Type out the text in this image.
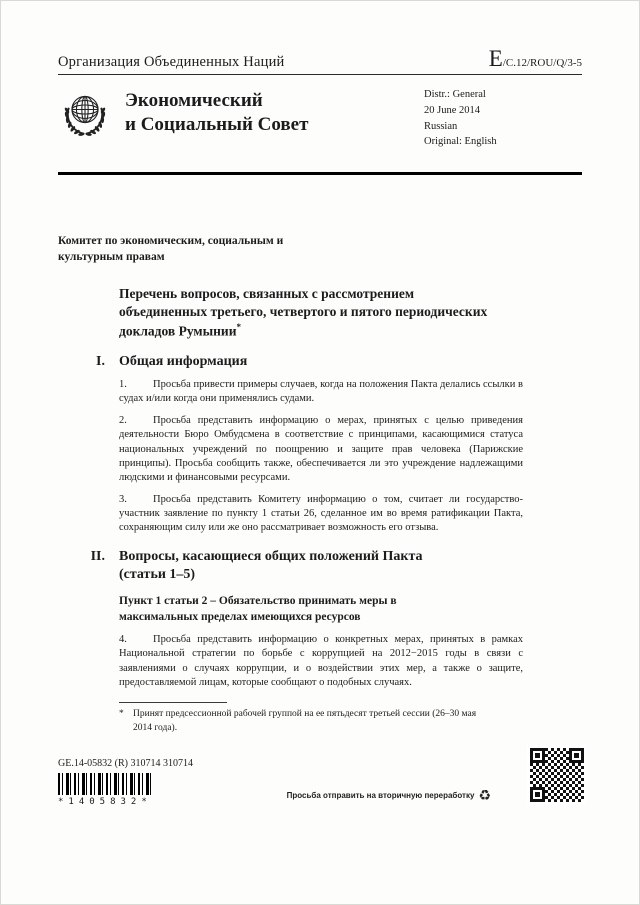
Организация Объединенных Наций	E/C.12/ROU/Q/3-5
Экономический
и Социальный Совет
Distr.: General
20 June 2014
Russian
Original: English
Комитет по экономическим, социальным и культурным правам
Перечень вопросов, связанных с рассмотрением объединенных третьего, четвертого и пятого периодических докладов Румынии*
I. Общая информация
1. Просьба привести примеры случаев, когда на положения Пакта делались ссылки в судах и/или когда они применялись судами.
2. Просьба представить информацию о мерах, принятых с целью приведения деятельности Бюро Омбудсмена в соответствие с принципами, касающимися статуса национальных учреждений по поощрению и защите прав человека (Парижские принципы). Просьба сообщить также, обеспечивается ли это учреждение надлежащими людскими и финансовыми ресурсами.
3. Просьба представить Комитету информацию о том, считает ли государство-участник заявление по пункту 1 статьи 26, сделанное им во время ратификации Пакта, сохраняющим силу или же оно рассматривает возможность его отзыва.
II. Вопросы, касающиеся общих положений Пакта (статьи 1–5)
Пункт 1 статьи 2 – Обязательство принимать меры в максимальных пределах имеющихся ресурсов
4. Просьба представить информацию о конкретных мерах, принятых в рамках Национальной стратегии по борьбе с коррупцией на 2012−2015 годы в связи с заявлениями о случаях коррупции, и о воздействии этих мер, а также о защите, предоставляемой лицам, которые сообщают о подобных случаях.
* Принят предсессионной рабочей группой на ее пятьдесят третьей сессии (26–30 мая 2014 года).
GE.14-05832 (R) 310714 310714
*1405832*
Просьба отправить на вторичную переработку ♻
